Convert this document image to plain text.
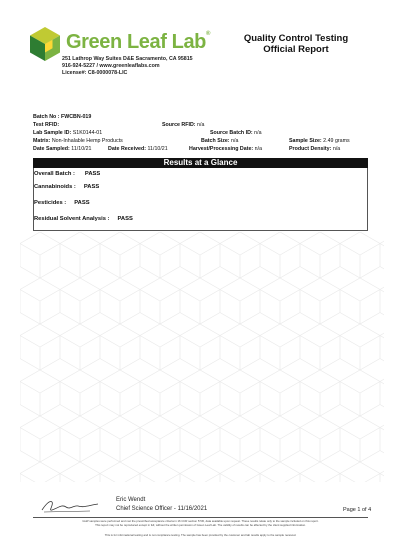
Green Leaf Lab®
251 Lathrop Way Suites D&E Sacramento, CA 95815
916-924-5227 / www.greenleaflabs.com
License#: C8-0000078-LIC
Quality Control Testing
Official Report
Batch No : FWCBN-019
Test RFID:	Source RFID: n/a
Lab Sample ID: S1K0144-01	Source Batch ID: n/a
Matrix: Non-Inhalable Hemp Products	Batch Size: n/a	Sample Size: 2.49 grams
Date Sampled: 11/10/21	Date Received: 11/10/21	Harvest/Processing Date: n/a	Product Density: n/a
Results at a Glance
Overall Batch : PASS
Cannabinoids : PASS
Pesticides : PASS
Residual Solvent Analysis : PASS
Eric Wendt
Chief Science Officer - 11/16/2021	Page 1 of 4
GLW samples were performed and met the prescribed acceptance criteria in 16 CCR section 5730, data available upon request. These results relate only to the sample included on this report.
This report may not be reproduced except in full, without the written permission of Green Leaf Lab. The validity of results can be affected by the client supplied information.
This is for informational testing and is not compliance testing. The sample has been provided by the customer and lab results apply to the sample received.
